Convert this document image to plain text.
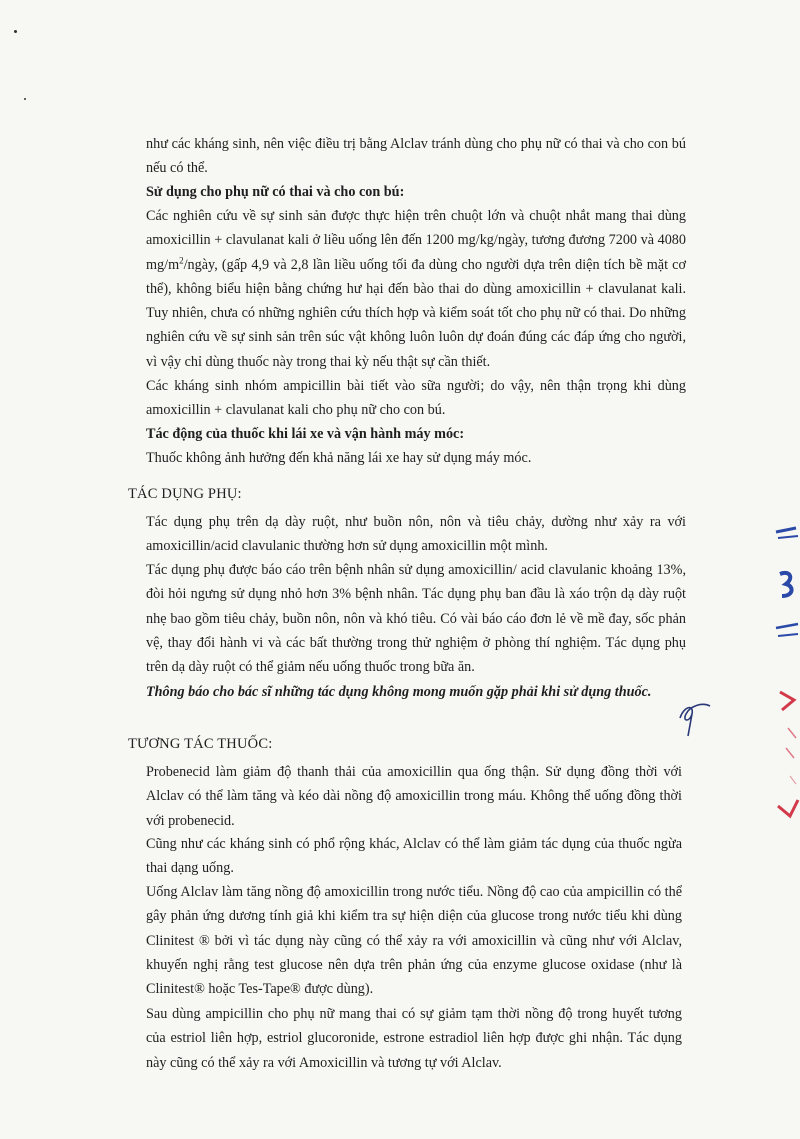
như các kháng sinh, nên việc điều trị bằng Alclav tránh dùng cho phụ nữ có thai và cho con bú nếu có thể.

Sử dụng cho phụ nữ có thai và cho con bú:

Các nghiên cứu về sự sinh sản được thực hiện trên chuột lớn và chuột nhắt mang thai dùng amoxicillin + clavulanat kali ở liều uống lên đến 1200 mg/kg/ngày, tương đương 7200 và 4080 $mg/m^2$/ngày, (gấp 4,9 và 2,8 lần liều uống tối đa dùng cho người dựa trên diện tích bề mặt cơ thể), không biểu hiện bằng chứng hư hại đến bào thai do dùng amoxicillin + clavulanat kali. Tuy nhiên, chưa có những nghiên cứu thích hợp và kiểm soát tốt cho phụ nữ có thai. Do những nghiên cứu về sự sinh sản trên súc vật không luôn luôn dự đoán đúng các đáp ứng cho người, vì vậy chỉ dùng thuốc này trong thai kỳ nếu thật sự cần thiết.

Các kháng sinh nhóm ampicillin bài tiết vào sữa người; do vậy, nên thận trọng khi dùng amoxicillin + clavulanat kali cho phụ nữ cho con bú.

Tác động của thuốc khi lái xe và vận hành máy móc:

Thuốc không ảnh hưởng đến khả năng lái xe hay sử dụng máy móc.

TÁC DỤNG PHỤ:

Tác dụng phụ trên dạ dày ruột, như buồn nôn, nôn và tiêu chảy, dường như xảy ra với amoxicillin/acid clavulanic thường hơn sử dụng amoxicillin một mình.

Tác dụng phụ được báo cáo trên bệnh nhân sử dụng amoxicillin/ acid clavulanic khoảng 13%, đòi hỏi ngưng sử dụng nhỏ hơn 3% bệnh nhân. Tác dụng phụ ban đầu là xáo trộn dạ dày ruột nhẹ bao gồm tiêu chảy, buồn nôn, nôn và khó tiêu. Có vài báo cáo đơn lẻ về mề đay, sốc phản vệ, thay đổi hành vi và các bất thường trong thử nghiệm ở phòng thí nghiệm. Tác dụng phụ trên dạ dày ruột có thể giảm nếu uống thuốc trong bữa ăn.

Thông báo cho bác sĩ những tác dụng không mong muốn gặp phải khi sử dụng thuốc.

TƯƠNG TÁC THUỐC:

Probenecid làm giảm độ thanh thải của amoxicillin qua ống thận. Sử dụng đồng thời với Alclav có thể làm tăng và kéo dài nồng độ amoxicillin trong máu. Không thể uống đồng thời với probenecid.

Cũng như các kháng sinh có phổ rộng khác, Alclav có thể làm giảm tác dụng của thuốc ngừa thai dạng uống.

Uống Alclav làm tăng nồng độ amoxicillin trong nước tiểu. Nồng độ cao của ampicillin có thể gây phản ứng dương tính giả khi kiểm tra sự hiện diện của glucose trong nước tiểu khi dùng Clinitest ® bởi vì tác dụng này cũng có thể xảy ra với amoxicillin và cũng như với Alclav, khuyến nghị rằng test glucose nên dựa trên phản ứng của enzyme glucose oxidase (như là Clinitest® hoặc Tes-Tape® được dùng).

Sau dùng ampicillin cho phụ nữ mang thai có sự giảm tạm thời nồng độ trong huyết tương của estriol liên hợp, estriol glucoronide, estrone estradiol liên hợp được ghi nhận. Tác dụng này cũng có thể xảy ra với Amoxicillin và tương tự với Alclav.
